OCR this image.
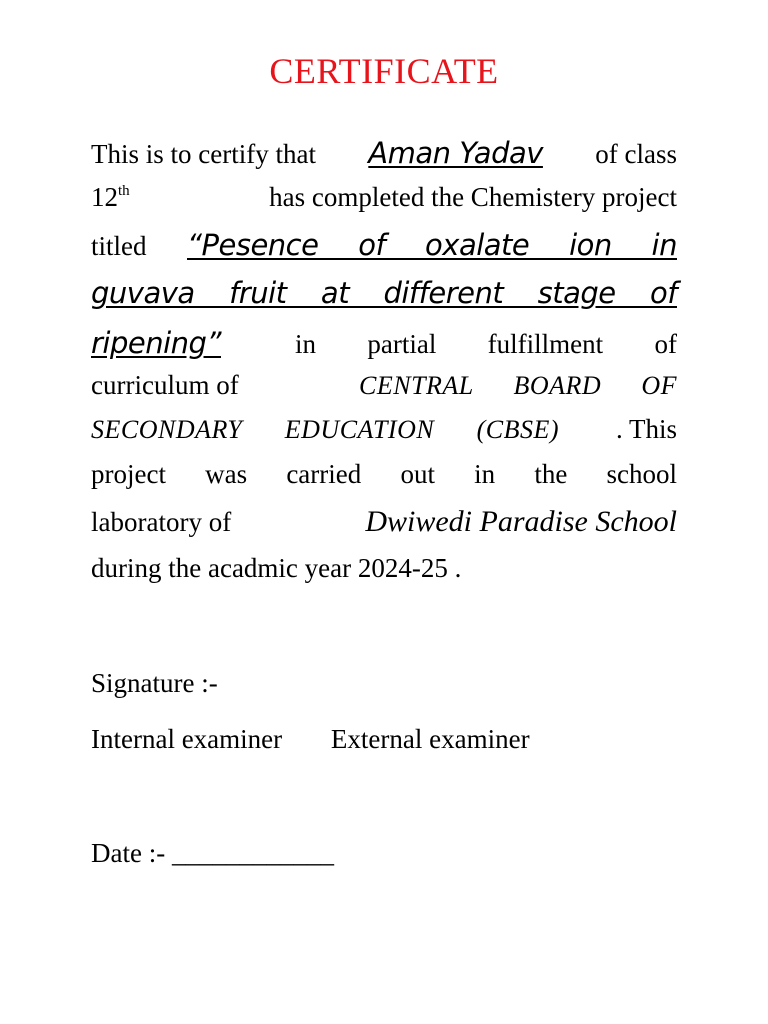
CERTIFICATE
This is to certify that Aman Yadav of class
12th	has completed the Chemistery project
titled “Pesence of oxalate ion in
guvava fruit at different stage of
ripening”	in partial fulfillment of
curriculum of	CENTRAL BOARD OF
SECONDARY EDUCATION (CBSE) . This
project was carried out in the school
laboratory of	Dwiwedi Paradise School
during the acadmic year 2024-25 .
Signature :-
Internal examiner External examiner
Date :- ____________
